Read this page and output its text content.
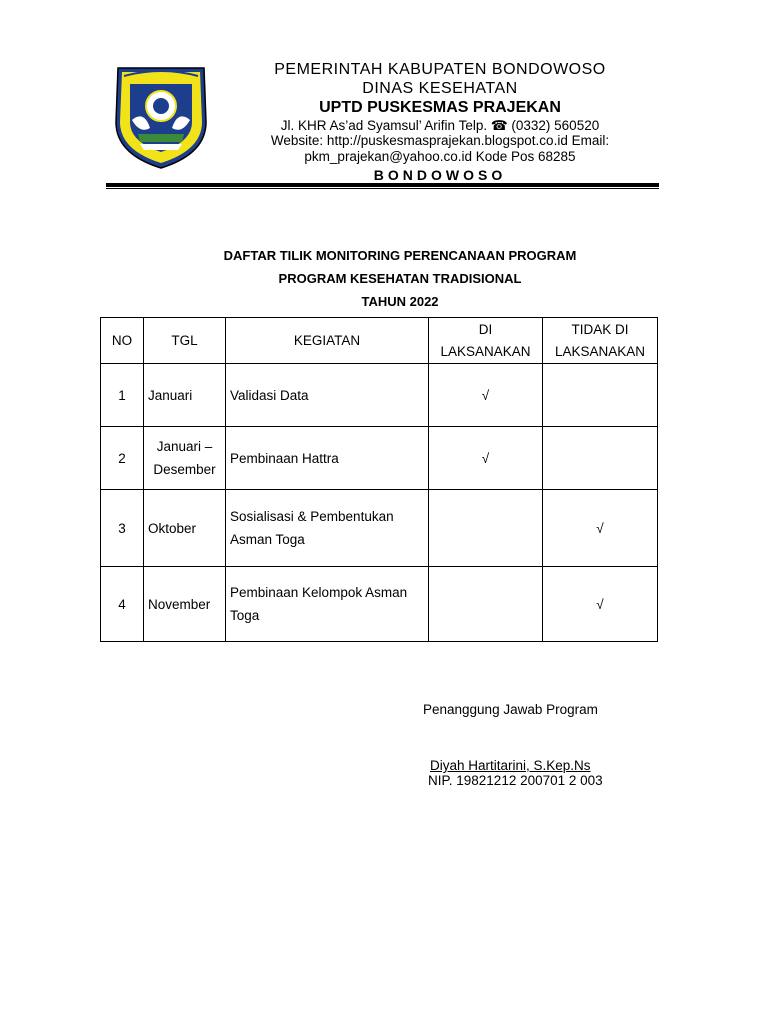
PEMERINTAH KABUPATEN BONDOWOSO
DINAS KESEHATAN
UPTD PUSKESMAS PRAJEKAN
Jl. KHR As’ad Syamsul’ Arifin Telp. ☎ (0332) 560520
Website: http://puskesmasprajekan.blogspot.co.id Email:
pkm_prajekan@yahoo.co.id Kode Pos 68285
BONDOWOSO
DAFTAR TILIK MONITORING PERENCANAAN PROGRAM
PROGRAM KESEHATAN TRADISIONAL
TAHUN 2022
NO	TGL	KEGIATAN	DI LAKSANAKAN	TIDAK DI LAKSANAKAN
1	Januari	Validasi Data	√	
2	Januari – Desember	Pembinaan Hattra	√	
3	Oktober	Sosialisasi & Pembentukan Asman Toga		√
4	November	Pembinaan Kelompok Asman Toga		√
Penanggung Jawab Program
Diyah Hartitarini, S.Kep.Ns
NIP. 19821212 200701 2 003
